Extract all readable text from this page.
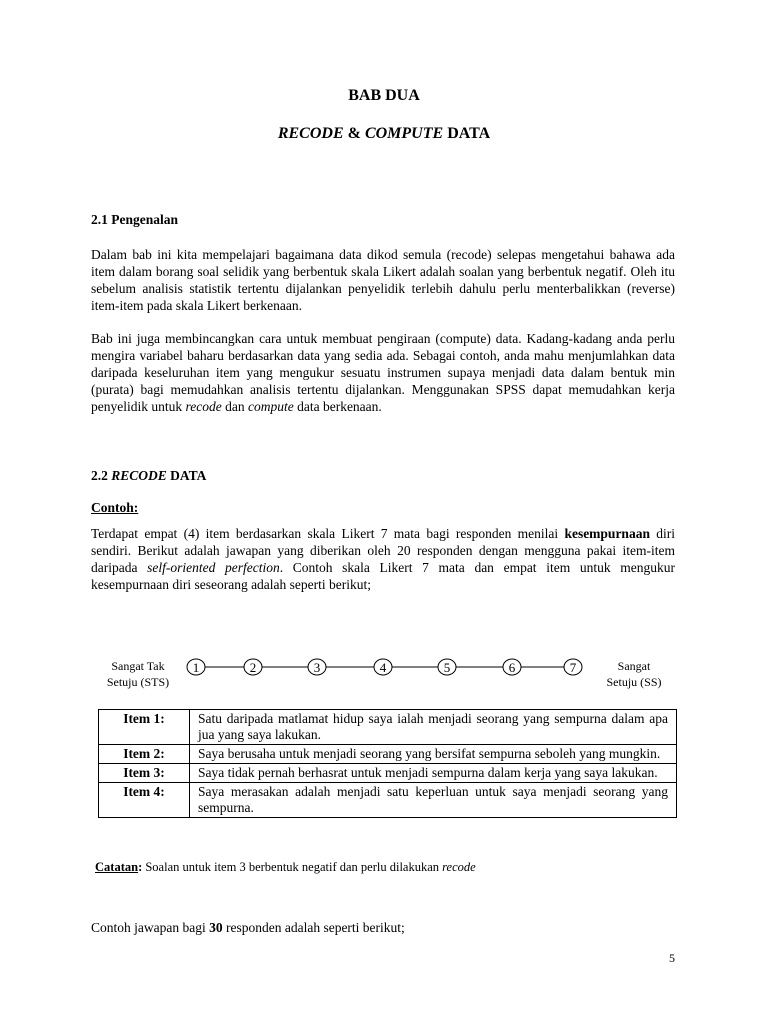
BAB DUA
RECODE & COMPUTE DATA
2.1 Pengenalan

Dalam bab ini kita mempelajari bagaimana data dikod semula (recode) selepas mengetahui bahawa ada item dalam borang soal selidik yang berbentuk skala Likert adalah soalan yang berbentuk negatif. Oleh itu sebelum analisis statistik tertentu dijalankan penyelidik terlebih dahulu perlu menterbalikkan (reverse) item-item pada skala Likert berkenaan.

Bab ini juga membincangkan cara untuk membuat pengiraan (compute) data. Kadang-kadang anda perlu mengira variabel baharu berdasarkan data yang sedia ada. Sebagai contoh, anda mahu menjumlahkan data daripada keseluruhan item yang mengukur sesuatu instrumen supaya menjadi data dalam bentuk min (purata) bagi memudahkan analisis tertentu dijalankan. Menggunakan SPSS dapat memudahkan kerja penyelidik untuk recode dan compute data berkenaan.

2.2 RECODE DATA

Contoh:

Terdapat empat (4) item berdasarkan skala Likert 7 mata bagi responden menilai kesempurnaan diri sendiri. Berikut adalah jawapan yang diberikan oleh 20 responden dengan mengguna pakai item-item daripada self-oriented perfection. Contoh skala Likert 7 mata dan empat item untuk mengukur kesempurnaan diri seseorang adalah seperti berikut;

Sangat Tak
Setuju (STS)

Sangat
Setuju (SS)

1	2	3	4	5	6	7
Item 1:	Satu daripada matlamat hidup saya ialah menjadi seorang yang sempurna dalam apa jua yang saya lakukan.
Item 2:	Saya berusaha untuk menjadi seorang yang bersifat sempurna seboleh yang mungkin.
Item 3:	Saya tidak pernah berhasrat untuk menjadi sempurna dalam kerja yang saya lakukan.
Item 4:	Saya merasakan adalah menjadi satu keperluan untuk saya menjadi seorang yang sempurna.

Catatan: Soalan untuk item 3 berbentuk negatif dan perlu dilakukan recode

Contoh jawapan bagi 30 responden adalah seperti berikut;

5
